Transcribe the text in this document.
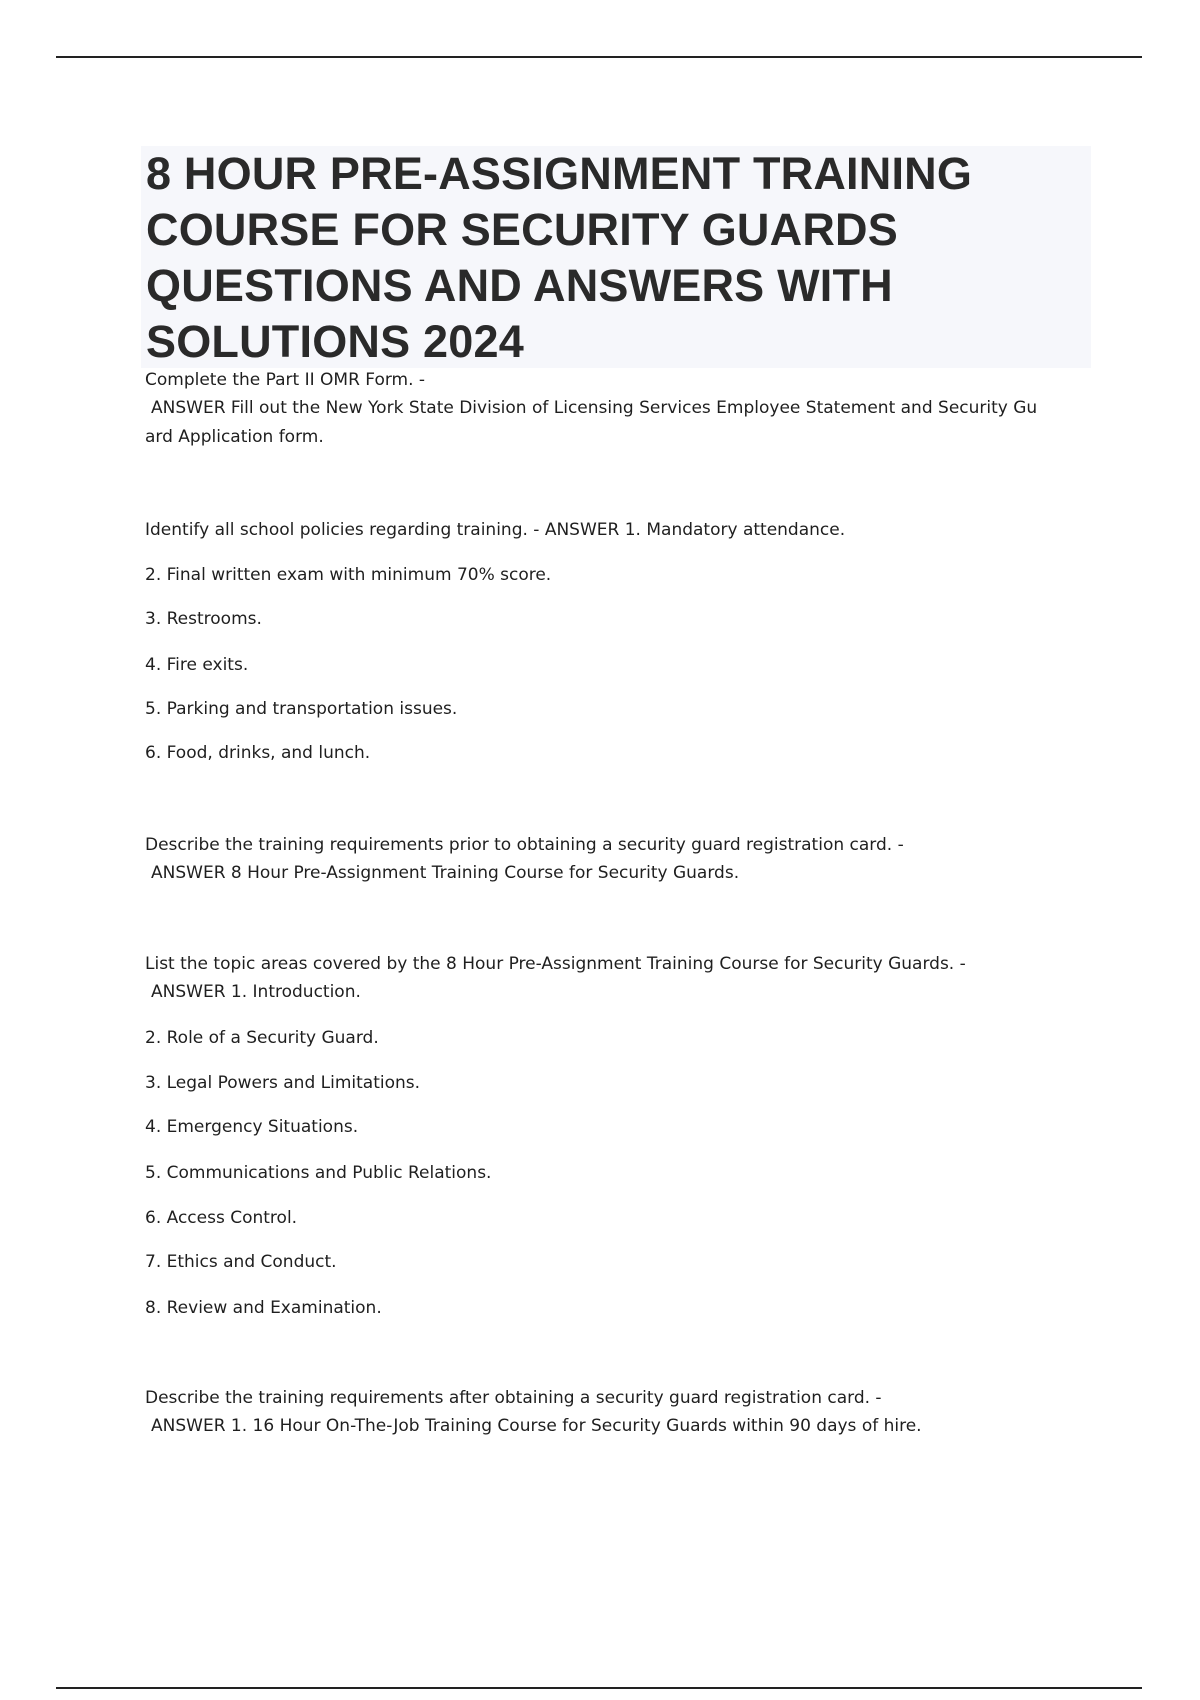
8 HOUR PRE-ASSIGNMENT TRAINING COURSE FOR SECURITY GUARDS QUESTIONS AND ANSWERS WITH SOLUTIONS 2024

Complete the Part II OMR Form. -

ANSWER Fill out the New York State Division of Licensing Services Employee Statement and Security Gu

ard Application form.

Identify all school policies regarding training. - ANSWER 1. Mandatory attendance.

2. Final written exam with minimum 70% score.

3. Restrooms.

4. Fire exits.

5. Parking and transportation issues.

6. Food, drinks, and lunch.

Describe the training requirements prior to obtaining a security guard registration card. -

ANSWER 8 Hour Pre-Assignment Training Course for Security Guards.

List the topic areas covered by the 8 Hour Pre-Assignment Training Course for Security Guards. -

ANSWER 1. Introduction.

2. Role of a Security Guard.

3. Legal Powers and Limitations.

4. Emergency Situations.

5. Communications and Public Relations.

6. Access Control.

7. Ethics and Conduct.

8. Review and Examination.

Describe the training requirements after obtaining a security guard registration card. -

ANSWER 1. 16 Hour On-The-Job Training Course for Security Guards within 90 days of hire.
